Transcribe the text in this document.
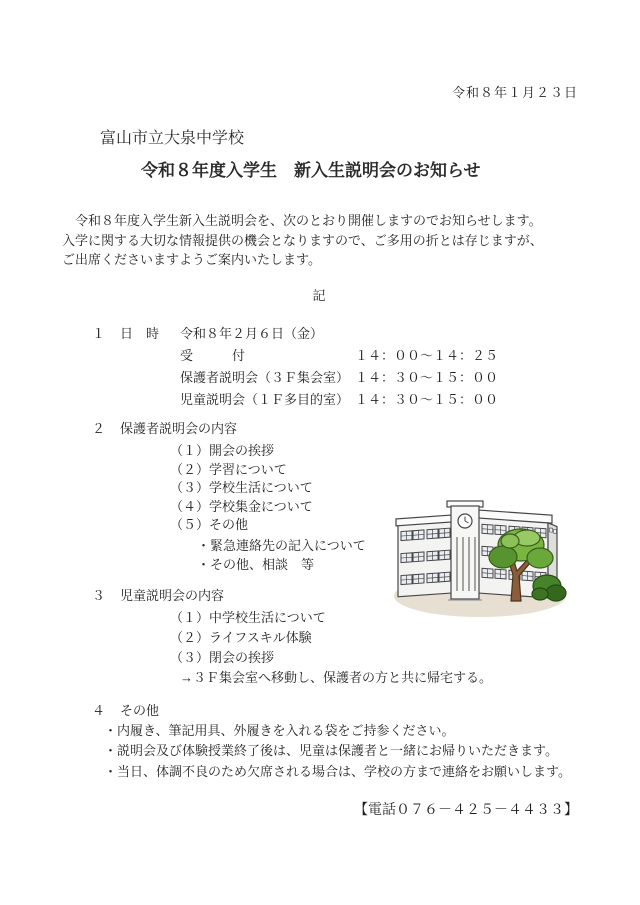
令和８年１月２３日
富山市立大泉中学校
令和８年度入学生　新入生説明会のお知らせ
　令和８年度入学生新入生説明会を、次のとおり開催しますのでお知らせします。
入学に関する大切な情報提供の機会となりますので、ご多用の折とは存じますが、
ご出席くださいますようご案内いたします。
記
１ 日　時 令和８年２月６日（金）
受　　　付	１４：００～１４：２５
保護者説明会（３Ｆ集会室） １４：３０～１５：００
児童説明会（１Ｆ多目的室） １４：３０～１５：００
２ 保護者説明会の内容
（１）開会の挨拶
（２）学習について
（３）学校生活について
（４）学校集金について
（５）その他
・緊急連絡先の記入について
・その他、相談　等
３ 児童説明会の内容
（１）中学校生活について
（２）ライフスキル体験
（３）閉会の挨拶
→３Ｆ集会室へ移動し、保護者の方と共に帰宅する。
４ その他
・内履き、筆記用具、外履きを入れる袋をご持参ください。
・説明会及び体験授業終了後は、児童は保護者と一緒にお帰りいただきます。
・当日、体調不良のため欠席される場合は、学校の方まで連絡をお願いします。
【電話０７６－４２５－４４３３】
